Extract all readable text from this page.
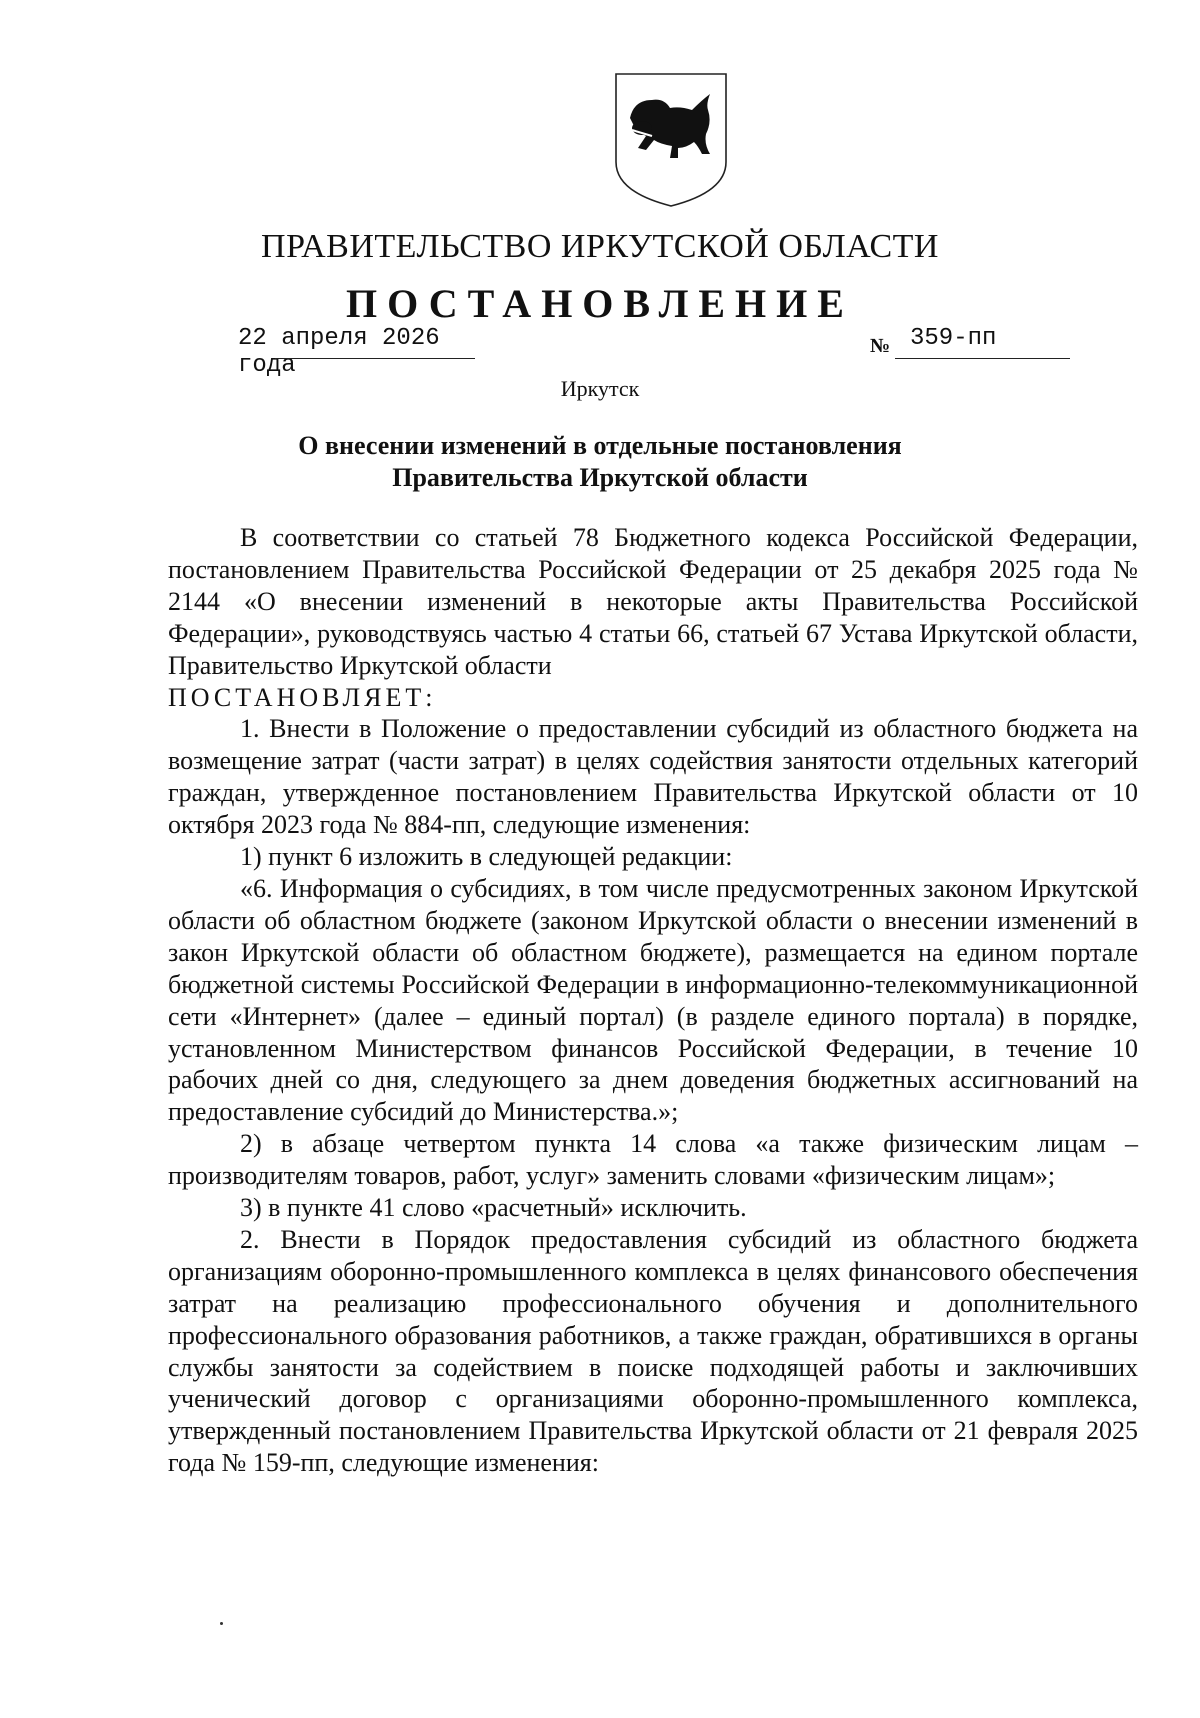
ПРАВИТЕЛЬСТВО ИРКУТСКОЙ ОБЛАСТИ
ПОСТАНОВЛЕНИЕ
22 апреля 2026 года
№ 359-пп
Иркутск
О внесении изменений в отдельные постановления
Правительства Иркутской области

В соответствии со статьей 78 Бюджетного кодекса Российской Федерации, постановлением Правительства Российской Федерации от 25 декабря 2025 года № 2144 «О внесении изменений в некоторые акты Правительства Российской Федерации», руководствуясь частью 4 статьи 66, статьей 67 Устава Иркутской области, Правительство Иркутской области

ПОСТАНОВЛЯЕТ:

1. Внести в Положение о предоставлении субсидий из областного бюджета на возмещение затрат (части затрат) в целях содействия занятости отдельных категорий граждан, утвержденное постановлением Правительства Иркутской области от 10 октября 2023 года № 884-пп, следующие изменения:

1) пункт 6 изложить в следующей редакции:

«6. Информация о субсидиях, в том числе предусмотренных законом Иркутской области об областном бюджете (законом Иркутской области о внесении изменений в закон Иркутской области об областном бюджете), размещается на едином портале бюджетной системы Российской Федерации в информационно-телекоммуникационной сети «Интернет» (далее – единый портал) (в разделе единого портала) в порядке, установленном Министерством финансов Российской Федерации, в течение 10 рабочих дней со дня, следующего за днем доведения бюджетных ассигнований на предоставление субсидий до Министерства.»;

2) в абзаце четвертом пункта 14 слова «а также физическим лицам – производителям товаров, работ, услуг» заменить словами «физическим лицам»;

3) в пункте 41 слово «расчетный» исключить.

2. Внести в Порядок предоставления субсидий из областного бюджета организациям оборонно-промышленного комплекса в целях финансового обеспечения затрат на реализацию профессионального обучения и дополнительного профессионального образования работников, а также граждан, обратившихся в органы службы занятости за содействием в поиске подходящей работы и заключивших ученический договор с организациями оборонно-промышленного комплекса, утвержденный постановлением Правительства Иркутской области от 21 февраля 2025 года № 159-пп, следующие изменения:
